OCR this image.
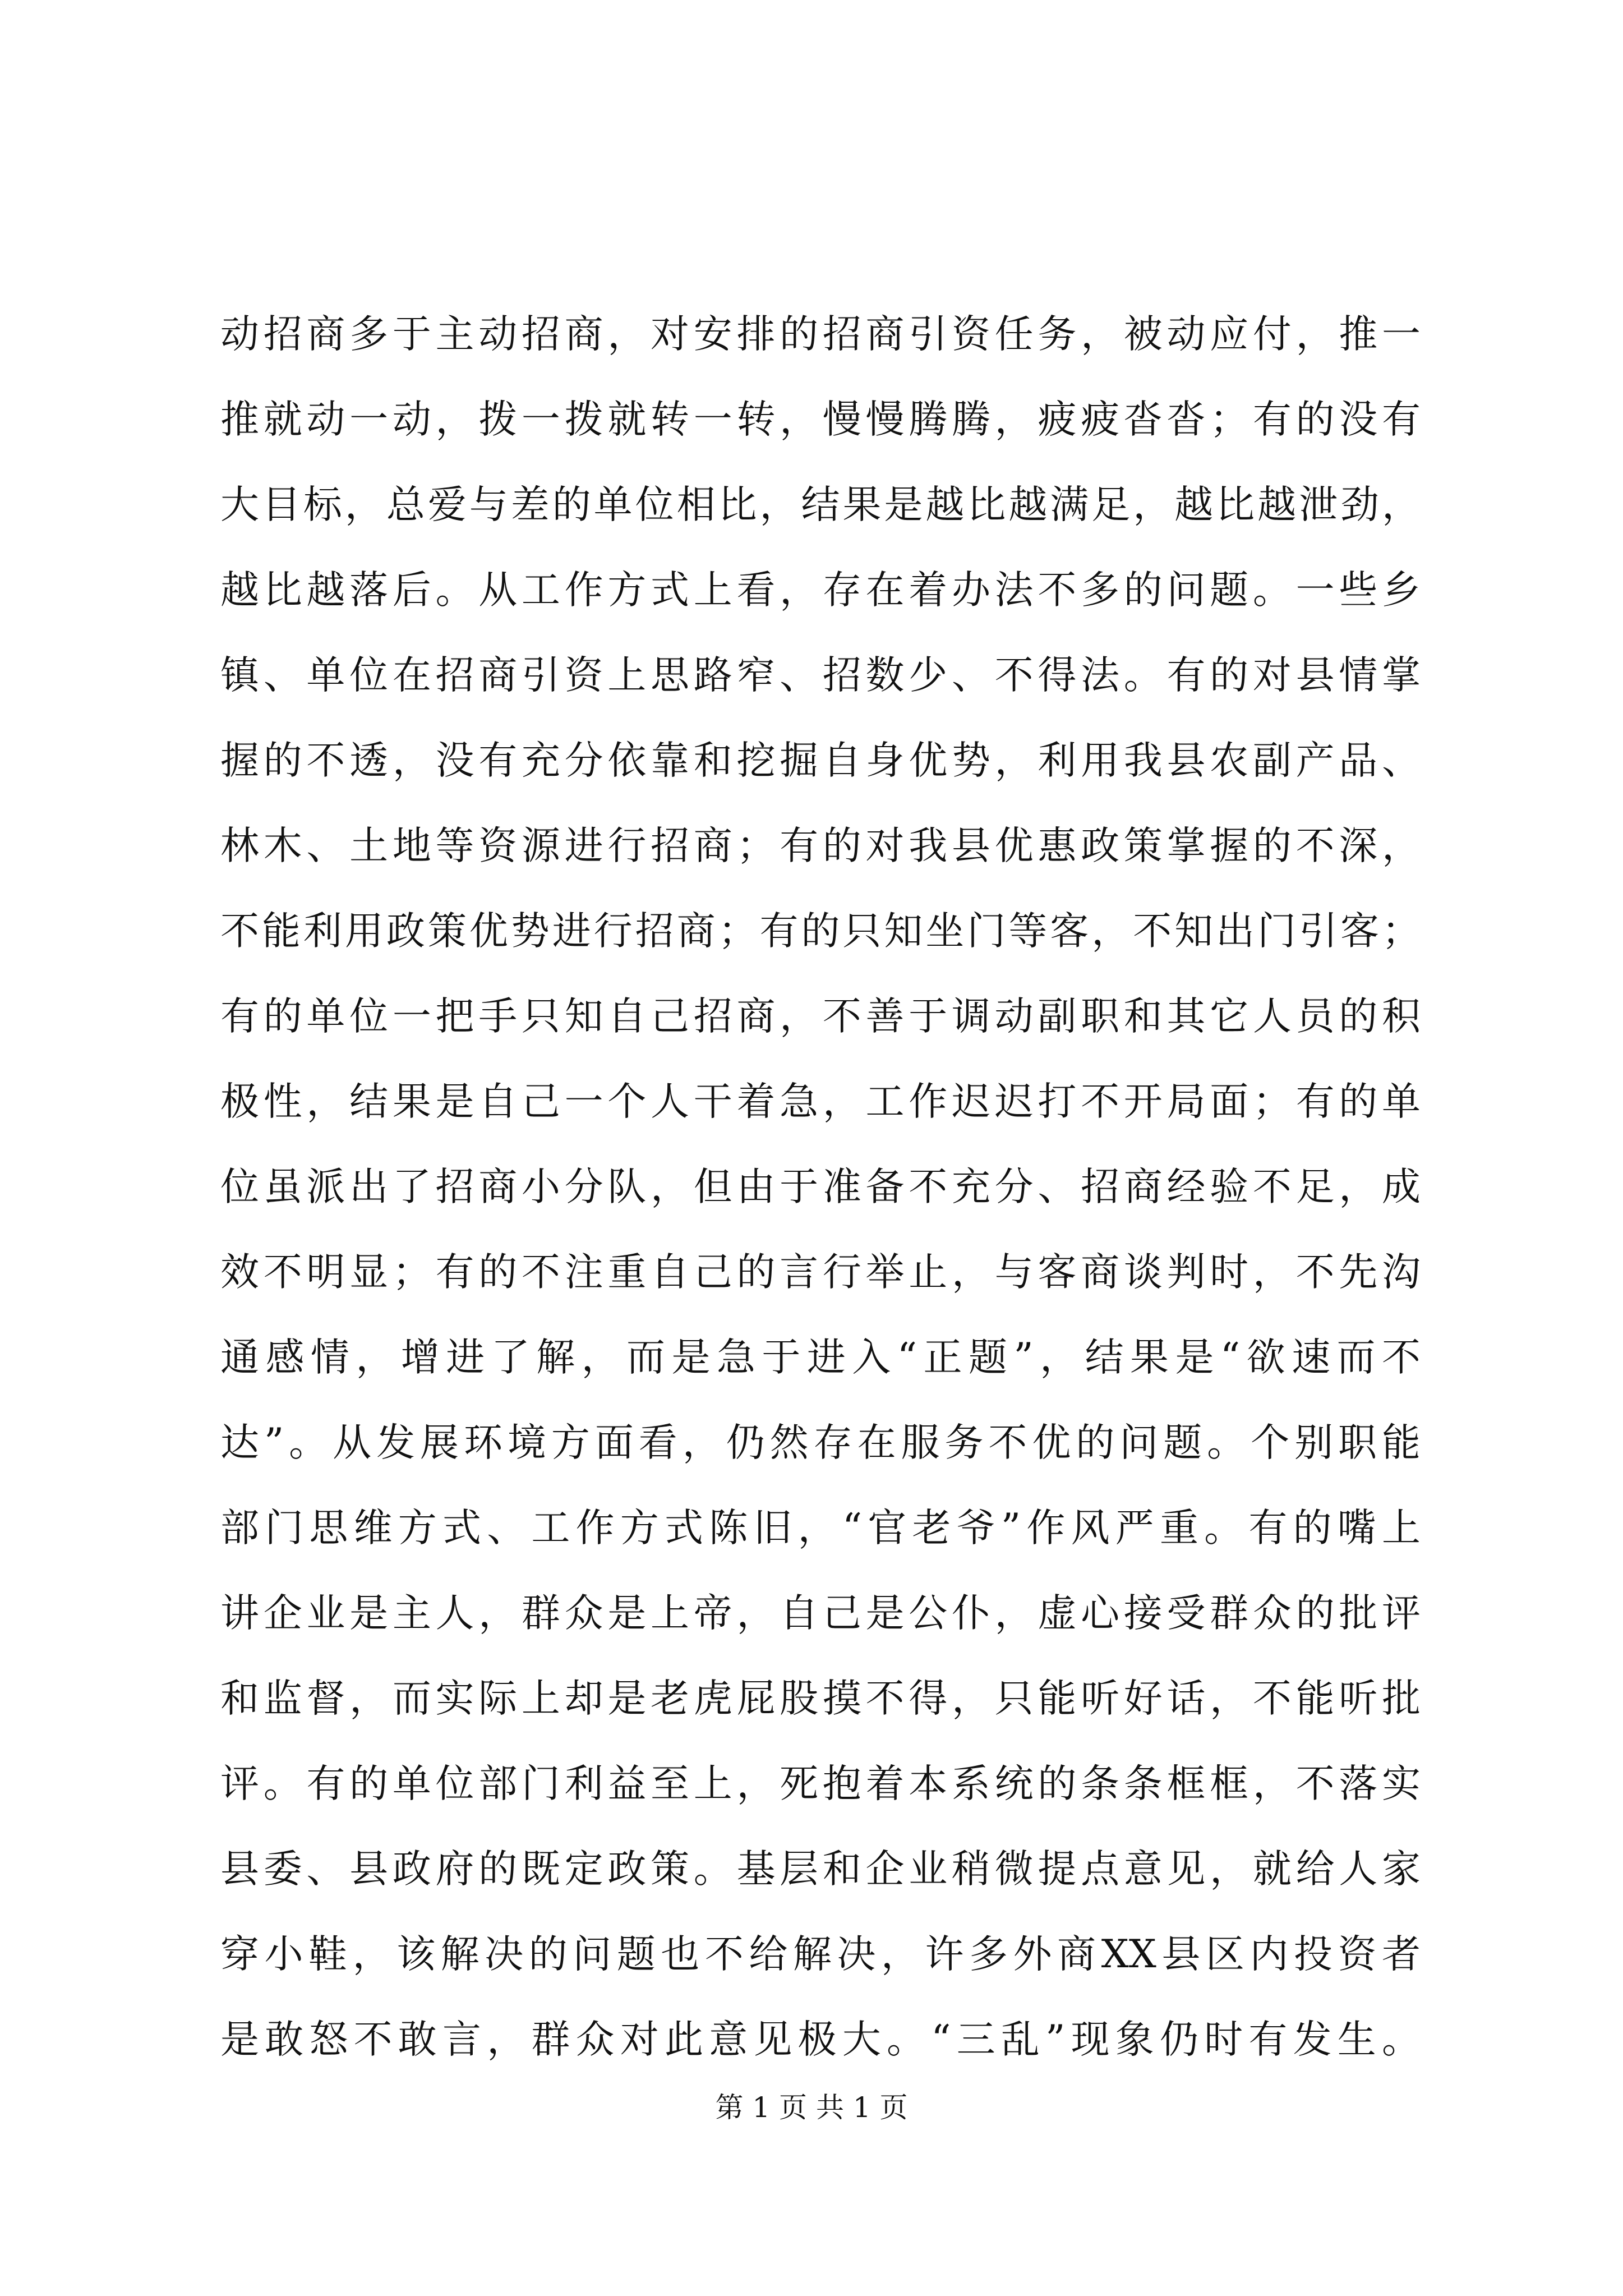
动招商多于主动招商，对安排的招商引资任务，被动应付，推一
推就动一动，拨一拨就转一转，慢慢腾腾，疲疲沓沓；有的没有
大目标，总爱与差的单位相比，结果是越比越满足，越比越泄劲，
越比越落后。从工作方式上看，存在着办法不多的问题。一些乡
镇、单位在招商引资上思路窄、招数少、不得法。有的对县情掌
握的不透，没有充分依靠和挖掘自身优势，利用我县农副产品、
林木、土地等资源进行招商；有的对我县优惠政策掌握的不深，
不能利用政策优势进行招商；有的只知坐门等客，不知出门引客；
有的单位一把手只知自己招商，不善于调动副职和其它人员的积
极性，结果是自己一个人干着急，工作迟迟打不开局面；有的单
位虽派出了招商小分队，但由于准备不充分、招商经验不足，成
效不明显；有的不注重自己的言行举止，与客商谈判时，不先沟
通感情，增进了解，而是急于进入“正题”，结果是“欲速而不
达”。从发展环境方面看，仍然存在服务不优的问题。个别职能
部门思维方式、工作方式陈旧，“官老爷”作风严重。有的嘴上
讲企业是主人，群众是上帝，自己是公仆，虚心接受群众的批评
和监督，而实际上却是老虎屁股摸不得，只能听好话，不能听批
评。有的单位部门利益至上，死抱着本系统的条条框框，不落实
县委、县政府的既定政策。基层和企业稍微提点意见，就给人家
穿小鞋，该解决的问题也不给解决，许多外商XX县区内投资者
是敢怒不敢言，群众对此意见极大。“三乱”现象仍时有发生。
第 1 页 共 1 页
